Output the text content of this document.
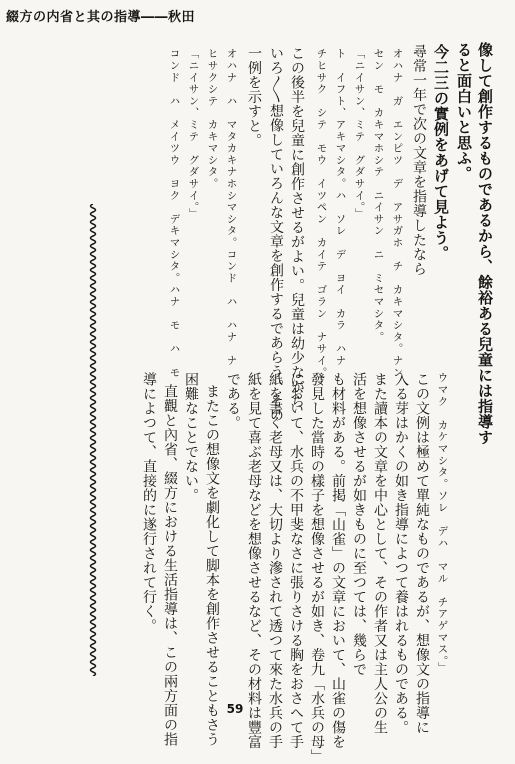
綴方の内省と其の指導――秋田
像して創作するものであるから、餘裕ある兒童には指導す
ると面白いと思ふ。
今二三の實例をあげて見よう。
尋常一年で次の文章を指導したなら
オハナ　ガ　エンピツ　デ　アサガホ　チ　カキマシタ。ナン
セン　モ　カキマホシテ　ニイサン　ニ　ミセマシタ。
「ニイサン、ミテ　グダサイ。」
ト　イフト、アキマシタ。ハ　ソレ　デ　ヨイ　カラ　ハナ
チヒサク　シテ　モウ　イツペン　カイテ　ゴラン　ナサイ。」
この後半を兒童に創作させるがよい。兒童は幼少ながら
いろ〳〵想像していろんな文章を創作するであらう。その
一例を示すと。
オハナ　ハ　マタカキナホシマシタ。コンド　ハ　ハナ　ナ
ヒサクシテ　カキマシタ。
「ニイサン、ミテ　グダサイ。」
コンド　ハ　メイツウ　ヨク　デキマシタ。ハナ　モ　ハ　モ
ウマク　カケマシタ。ソレ　デハ　マル　チアゲマス。」
この文例は極めて單純なものであるが、想像文の指導に
入る芽はかくの如き指導によつて養はれるものである。
また讀本の文章を中心として、その作者又は主人公の生
活を想像させるが如きものに至つては、幾らで
も材料がある。前掲「山雀」の文章において、山雀の傷を
發見した當時の樣子を想像させるが如き、卷九「水兵の母」
において、水兵の不甲斐なさに張りさける胸をおさへて手
紙を書く老母又は、大切より滲されて透つて來た水兵の手
紙を見て喜ぶ老母などを想像させるなど、その材料は豐富
である。
またこの想像文を劇化して脚本を創作させることもさう
困難なことでない。
直觀と內省、綴方における生活指導は、この兩方面の指
導によつて、直接的に遂行されて行く。
59
